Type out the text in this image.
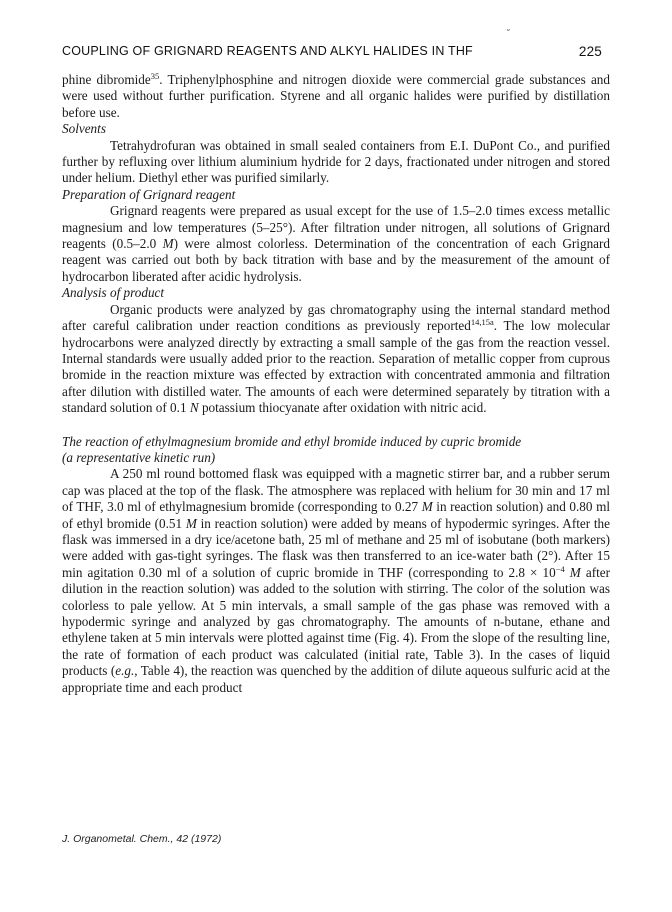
˘
COUPLING OF GRIGNARD REAGENTS AND ALKYL HALIDES IN THF	225

phine dibromide$^{35}$. Triphenylphosphine and nitrogen dioxide were commercial grade substances and were used without further purification. Styrene and all organic halides were purified by distillation before use.

Solvents

Tetrahydrofuran was obtained in small sealed containers from E.I. DuPont Co., and purified further by refluxing over lithium aluminium hydride for 2 days, fractionated under nitrogen and stored under helium. Diethyl ether was purified similarly.

Preparation of Grignard reagent

Grignard reagents were prepared as usual except for the use of 1.5–2.0 times excess metallic magnesium and low temperatures (5–25°). After filtration under nitrogen, all solutions of Grignard reagents (0.5–2.0 M) were almost colorless. Determination of the concentration of each Grignard reagent was carried out both by back titration with base and by the measurement of the amount of hydrocarbon liberated after acidic hydrolysis.

Analysis of product

Organic products were analyzed by gas chromatography using the internal standard method after careful calibration under reaction conditions as previously reported$^{14,15a}$. The low molecular hydrocarbons were analyzed directly by extracting a small sample of the gas from the reaction vessel. Internal standards were usually added prior to the reaction. Separation of metallic copper from cuprous bromide in the reaction mixture was effected by extraction with concentrated ammonia and filtration after dilution with distilled water. The amounts of each were determined separately by titration with a standard solution of 0.1 N potassium thiocyanate after oxidation with nitric acid.

The reaction of ethylmagnesium bromide and ethyl bromide induced by cupric bromide
(a representative kinetic run)

A 250 ml round bottomed flask was equipped with a magnetic stirrer bar, and a rubber serum cap was placed at the top of the flask. The atmosphere was replaced with helium for 30 min and 17 ml of THF, 3.0 ml of ethylmagnesium bromide (corresponding to 0.27 M in reaction solution) and 0.80 ml of ethyl bromide (0.51 M in reaction solution) were added by means of hypodermic syringes. After the flask was immersed in a dry ice/acetone bath, 25 ml of methane and 25 ml of isobutane (both markers) were added with gas-tight syringes. The flask was then transferred to an ice-water bath (2°). After 15 min agitation 0.30 ml of a solution of cupric bromide in THF (corresponding to $2.8 \times 10^{-4}$ M after dilution in the reaction solution) was added to the solution with stirring. The color of the solution was colorless to pale yellow. At 5 min intervals, a small sample of the gas phase was removed with a hypodermic syringe and analyzed by gas chromatography. The amounts of n-butane, ethane and ethylene taken at 5 min intervals were plotted against time (Fig. 4). From the slope of the resulting line, the rate of formation of each product was calculated (initial rate, Table 3). In the cases of liquid products (e.g., Table 4), the reaction was quenched by the addition of dilute aqueous sulfuric acid at the appropriate time and each product

J. Organometal. Chem., 42 (1972)
